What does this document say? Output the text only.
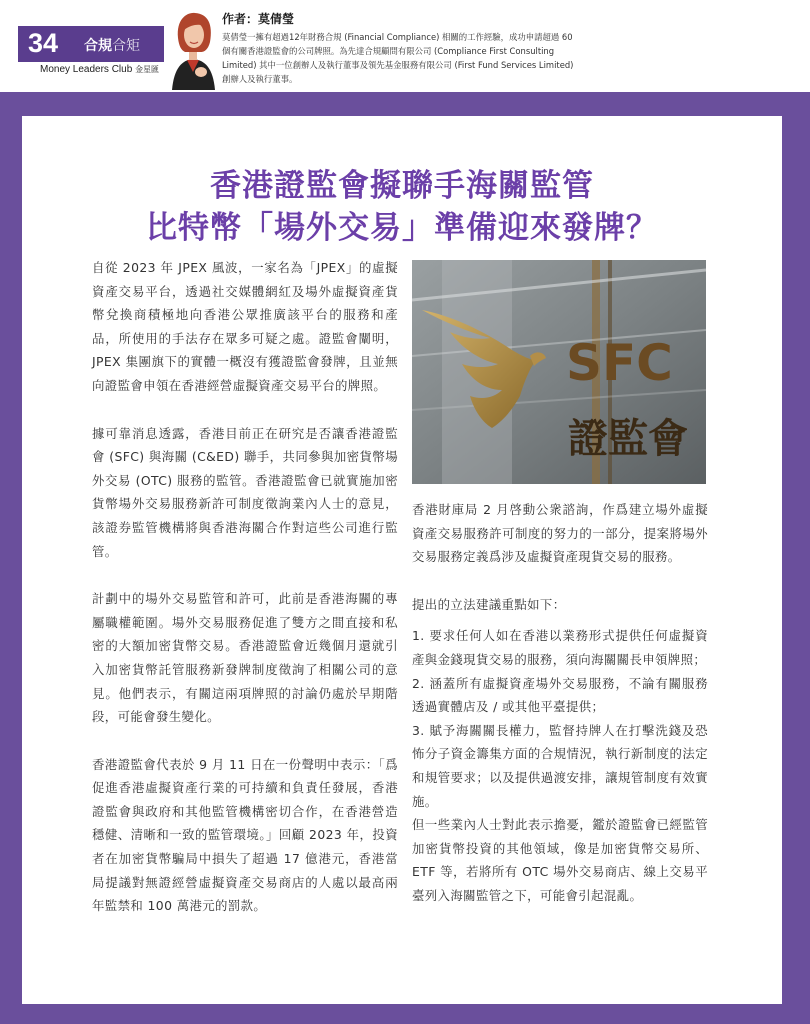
34 合規合矩
Money Leaders Club 金星匯
作者：莫倩瑩
莫倩瑩一擁有超過12年財務合規 (Financial Compliance) 相關的工作經驗，成功申請超過 60 個有關香港證監會的公司牌照。為先達合規顧問有限公司 (Compliance First Consulting Limited) 其中一位創辦人及執行董事及領先基金服務有限公司 (First Fund Services Limited) 創辦人及執行董事。
香港證監會擬聯手海關監管
比特幣「場外交易」準備迎來發牌？

自從 2023 年 JPEX 風波，一家名為「JPEX」的虛擬資產交易平台，透過社交媒體網紅及場外虛擬資產貨幣兌換商積極地向香港公眾推廣該平台的服務和產品，所使用的手法存在眾多可疑之處。證監會闡明，JPEX 集團旗下的實體一概沒有獲證監會發牌，且並無向證監會申領在香港經營虛擬資產交易平台的牌照。

據可靠消息透露，香港目前正在研究是否讓香港證監會 (SFC) 與海關 (C&ED) 聯手，共同參與加密貨幣場外交易 (OTC) 服務的監管。香港證監會已就實施加密貨幣場外交易服務新許可制度徵詢業內人士的意見，該證券監管機構將與香港海關合作對這些公司進行監管。

計劃中的場外交易監管和許可，此前是香港海關的專屬職權範圍。場外交易服務促進了雙方之間直接和私密的大額加密貨幣交易。香港證監會近幾個月還就引入加密貨幣託管服務新發牌制度徵詢了相關公司的意見。他們表示，有關這兩項牌照的討論仍處於早期階段，可能會發生變化。

香港證監會代表於 9 月 11 日在一份聲明中表示：「爲促進香港虛擬資產行業的可持續和負責任發展，香港證監會與政府和其他監管機構密切合作，在香港營造穩健、清晰和一致的監管環境。」回顧 2023 年，投資者在加密貨幣騙局中損失了超過 17 億港元，香港當局提議對無證經營虛擬資產交易商店的人處以最高兩年監禁和 100 萬港元的罰款。

SFC
證監會

香港財庫局 2 月啓動公衆諮詢，作爲建立場外虛擬資產交易服務許可制度的努力的一部分，提案將場外交易服務定義爲涉及虛擬資產現貨交易的服務。

提出的立法建議重點如下：

1. 要求任何人如在香港以業務形式提供任何虛擬資產與金錢現貨交易的服務，須向海關關長申領牌照；

2. 涵蓋所有虛擬資產場外交易服務，不論有關服務透過實體店及 / 或其他平臺提供；

3. 賦予海關關長權力，監督持牌人在打擊洗錢及恐怖分子資金籌集方面的合規情況，執行新制度的法定和規管要求；以及提供過渡安排，讓規管制度有效實施。

但一些業內人士對此表示擔憂，鑑於證監會已經監管加密貨幣投資的其他領域，像是加密貨幣交易所、ETF 等，若將所有 OTC 場外交易商店、線上交易平臺列入海關監管之下，可能會引起混亂。
